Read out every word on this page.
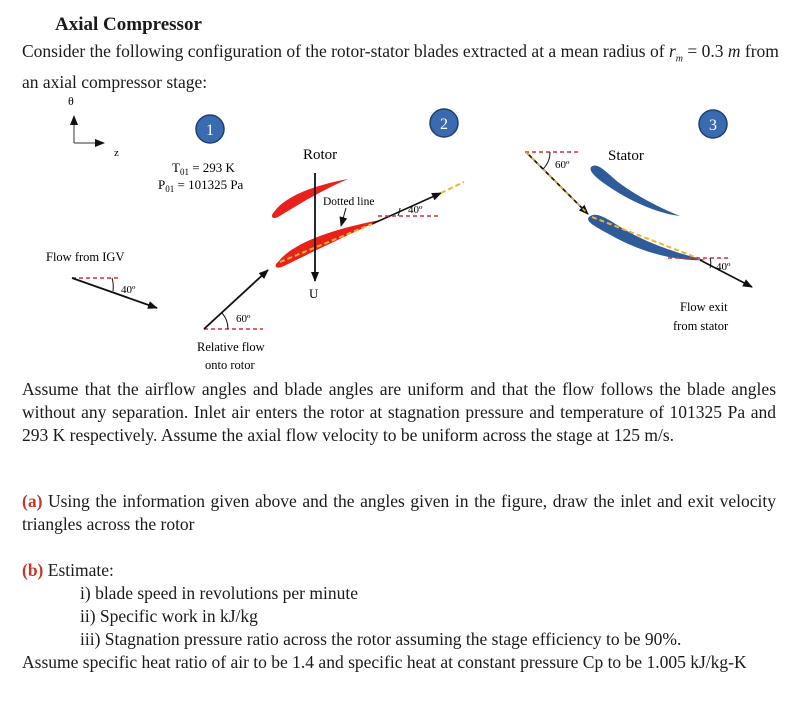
Axial Compressor
Consider the following configuration of the rotor-stator blades extracted at a mean radius of $r_m = 0.3$ m from an axial compressor stage:
θ
z
1	2	3
$T_{01} = 293$ K
$P_{01} = 101325$ Pa
Flow from IGV
40º
60º
Relative flow
onto rotor
Rotor
40º
Dotted line
U
Stator
60º
40º
Flow exit
from stator
Assume that the airflow angles and blade angles are uniform and that the flow follows the blade angles without any separation. Inlet air enters the rotor at stagnation pressure and temperature of 101325 Pa and 293 K respectively. Assume the axial flow velocity to be uniform across the stage at 125 m/s.
(a) Using the information given above and the angles given in the figure, draw the inlet and exit velocity triangles across the rotor
(b) Estimate:
i) blade speed in revolutions per minute
ii) Specific work in kJ/kg
iii) Stagnation pressure ratio across the rotor assuming the stage efficiency to be 90%.
Assume specific heat ratio of air to be 1.4 and specific heat at constant pressure Cp to be 1.005 kJ/kg-K
